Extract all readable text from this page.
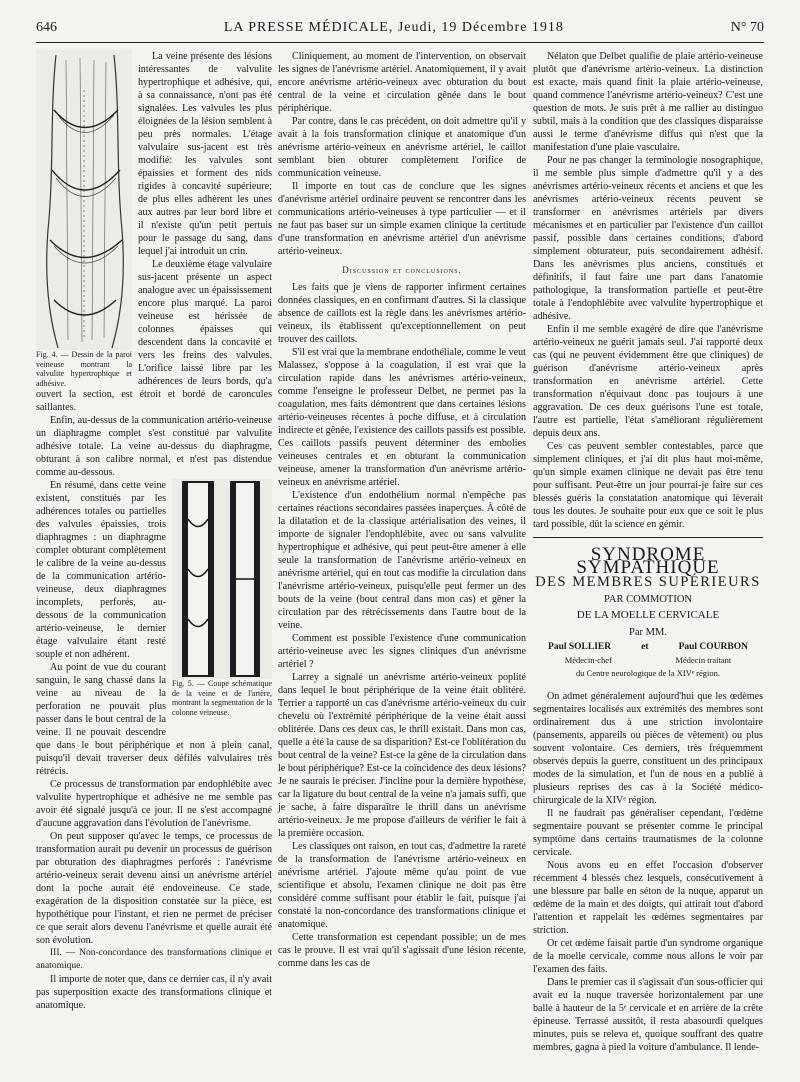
646	LA PRESSE MÉDICALE, Jeudi, 19 Décembre 1918	N° 70
Fig. 4. — Dessin de la paroi veineuse montrant la valvulite hypertrophique et adhésive.

La veine présente des lésions intéressantes de valvulite hypertrophique et adhésive, qui, à sa connaissance, n'ont pas été signalées. Les valvules les plus éloignées de la lésion semblent à peu près normales. L'étage valvulaire sus-jacent est très modifié: les valvules sont épaissies et forment des nids rigides à concavité supérieure; de plus elles adhèrent les unes aux autres par leur bord libre et il n'existe qu'un petit pertuis pour le passage du sang, dans lequel j'ai introduit un crin.

Le deuxième étage valvulaire sus-jacent présente un aspect analogue avec un épaississement encore plus marqué. La paroi veineuse est hérissée de colonnes épaisses qui descendent dans la concavité et vers les freins des valvules. L'orifice laissé libre par les adhérences de leurs bords, qu'a ouvert la section, est étroit et bordé de caroncules saillantes.

Enfin, au-dessus de la communication artério-veineuse un diaphragme complet s'est constitué par valvulite adhésive totale. La veine au-dessus du diaphragme, obturant à son calibre normal, et n'est pas distendue comme au-dessous.

Fig. 5. — Coupe schématique de la veine et de l'artère, montrant la segmentation de la colonne veineuse.

En résumé, dans cette veine existent, constitués par les adhérences totales ou partielles des valvules épaissies, trois diaphragmes : un diaphragme complet obturant complètement le calibre de la veine au-dessus de la communication artério-veineuse, deux diaphragmes incomplets, perforés, au-dessous de la communication artério-veineuse, le dernier étage valvulaire étant resté souple et non adhérent.

Au point de vue du courant sanguin, le sang chassé dans la veine au niveau de la perforation ne pouvait plus passer dans le bout central de la veine. Il ne pouvait descendre que dans le bout périphérique et non à plein canal, puisqu'il devait traverser deux défilés valvulaires très rétrécis.

Ce processus de transformation par endophlébite avec valvulite hypertrophique et adhésive ne me semble pas avoir été signalé jusqu'à ce jour. Il ne s'est accompagné d'aucune aggravation dans l'évolution de l'anévrisme.

On peut supposer qu'avec le temps, ce processus de transformation aurait pu devenir un processus de guérison par obturation des diaphragmes perforés : l'anévrisme artério-veineux serait devenu ainsi un anévrisme artériel dont la poche aurait été endoveineuse. Ce stade, exagération de la disposition constatée sur la pièce, est hypothétique pour l'instant, et rien ne permet de préciser ce que serait alors devenu l'anévrisme et quelle aurait été son évolution.

III. — Non-concordance des transformations clinique et anatomique.

Il importe de noter que, dans ce dernier cas, il n'y avait pas superposition exacte des transformations clinique et anatomique.

Cliniquement, au moment de l'intervention, on observait les signes de l'anévrisme artériel. Anatomiquement, il y avait encore anévrisme artério-veineux avec obturation du bout central de la veine et circulation gênée dans le bout périphérique.

Par contre, dans le cas précédent, on doit admettre qu'il y avait à la fois transformation clinique et anatomique d'un anévrisme artério-veineux en anévrisme artériel, le caillot semblant bien obturer complètement l'orifice de communication veineuse.

Il importe en tout cas de conclure que les signes d'anévrisme artériel ordinaire peuvent se rencontrer dans les communications artério-veineuses à type particulier — et il ne faut pas baser sur un simple examen clinique la certitude d'une transformation en anévrisme artériel d'un anévrisme artério-veineux.

Discussion et conclusions.

Les faits que je viens de rapporter infirment certaines données classiques, en en confirmant d'autres. Si la classique absence de caillots est la règle dans les anévrismes artério-veineux, ils établissent qu'exceptionnellement on peut trouver des caillots.

S'il est vrai que la membrane endothéliale, comme le veut Malassez, s'oppose à la coagulation, il est vrai que la circulation rapide dans les anévrismes artério-veineux, comme l'enseigne le professeur Delbet, ne permet pas la coagulation, mes faits démontrent que dans certaines lésions artério-veineuses récentes à poche diffuse, et à circulation indirecte et gênée, l'existence des caillots passifs est possible. Ces caillots passifs peuvent déterminer des embolies veineuses centrales et en obturant la communication veineuse, amener la transformation d'un anévrisme artério-veineux en anévrisme artériel.

L'existence d'un endothélium normal n'empêche pas certaines réactions secondaires passées inaperçues. À côté de la dilatation et de la classique artérialisation des veines, il importe de signaler l'endophlébite, avec ou sans valvulite hypertrophique et adhésive, qui peut peut-être amener à elle seule la transformation de l'anévrisme artério-veineux en anévrisme artériel, qui en tout cas modifie la circulation dans l'anévrisme artério-veineux, puisqu'elle peut fermer un des bouts de la veine (bout central dans mon cas) et gêner la circulation par des rétrécissements dans l'autre bout de la veine.

Comment est possible l'existence d'une communication artério-veineuse avec les signes cliniques d'un anévrisme artériel ?

Larrey a signalé un anévrisme artério-veineux poplité dans lequel le bout périphérique de la veine était oblitéré. Terrier a rapporté un cas d'anévrisme artério-veineux du cuir chevelu où l'extrémité périphérique de la veine était aussi oblitérée. Dans ces deux cas, le thrill existait. Dans mon cas, quelle a été la cause de sa disparition? Est-ce l'oblitération du bout central de la veine? Est-ce la gêne de la circulation dans le bout périphérique? Est-ce la coïncidence des deux lésions? Je ne saurais le préciser. J'incline pour la dernière hypothèse, car la ligature du bout central de la veine n'a jamais suffi, que je sache, à faire disparaître le thrill dans un anévrisme artério-veineux. Je me propose d'ailleurs de vérifier le fait à la première occasion.

Les classiques ont raison, en tout cas, d'admettre la rareté de la transformation de l'anévrisme artério-veineux en anévrisme artériel. J'ajoute même qu'au point de vue scientifique et absolu, l'examen clinique ne doit pas être considéré comme suffisant pour établir le fait, puisque j'ai constaté la non-concordance des transformations clinique et anatomique.

Cette transformation est cependant possible; un de mes cas le prouve. Il est vrai qu'il s'agissait d'une lésion récente, comme dans les cas de

Nélaton que Delbet qualifie de plaie artério-veineuse plutôt que d'anévrisme artério-veineux. La distinction est exacte, mais quand finit la plaie artério-veineuse, quand commence l'anévrisme artério-veineux? C'est une question de mots. Je suis prêt à me rallier au distinguo subtil, mais à la condition que des classiques disparaisse aussi le terme d'anévrisme diffus qui n'est que la manifestation d'une plaie vasculaire.

Pour ne pas changer la terminologie nosographique, il me semble plus simple d'admettre qu'il y a des anévrismes artério-veineux récents et anciens et que les anévrismes artério-veineux récents peuvent se transformer en anévrismes artériels par divers mécanismes et en particulier par l'existence d'un caillot passif, possible dans certaines conditions, d'abord simplement obturateur, puis secondairement adhésif. Dans les anévrismes plus anciens, constitués et définitifs, il faut faire une part dans l'anatomie pathologique, la transformation partielle et peut-être totale à l'endophlébite avec valvulite hypertrophique et adhésive.

Enfin il me semble exagéré de dire que l'anévrisme artério-veineux ne guérit jamais seul. J'ai rapporté deux cas (qui ne peuvent évidemment être que cliniques) de guérison d'anévrisme artério-veineux après transformation en anévrisme artériel. Cette transformation n'équivaut donc pas toujours à une aggravation. De ces deux guérisons l'une est totale, l'autre est partielle, l'état s'améliorant régulièrement depuis deux ans.

Ces cas peuvent sembler contestables, parce que simplement cliniques, et j'ai dit plus haut moi-même, qu'un simple examen clinique ne devait pas être tenu pour suffisant. Peut-être un jour pourrai-je faire sur ces blessés guéris la constatation anatomique qui lèverait tous les doutes. Je souhaite pour eux que ce soit le plus tard possible, dût la science en gémir.

SYNDROME SYMPATHIQUE
DES MEMBRES SUPÉRIEURS
PAR COMMOTION
DE LA MOELLE CERVICALE
Par MM.
Paul SOLLIER	et	Paul COURBON
Médecin-chef	Médecin traitant
du Centre neurologique de la XIVᵉ région.

On admet généralement aujourd'hui que les œdèmes segmentaires localisés aux extrémités des membres sont ordinairement dus à une striction involontaire (pansements, appareils ou pièces de vêtement) ou plus souvent volontaire. Ces derniers, très fréquemment observés depuis la guerre, constituent un des principaux modes de la simulation, et l'un de nous en a publié à plusieurs reprises des cas à la Société médico-chirurgicale de la XIVᵉ région.

Il ne faudrait pas généraliser cependant, l'œdème segmentaire pouvant se présenter comme le principal symptôme dans certains traumatismes de la colonne cervicale.

Nous avons eu en effet l'occasion d'observer récemment 4 blessés chez lesquels, consécutivement à une blessure par balle en séton de la nuque, apparut un œdème de la main et des doigts, qui attirait tout d'abord l'attention et rappelait les œdèmes segmentaires par striction.

Or cet œdème faisait partie d'un syndrome organique de la moelle cervicale, comme nous allons le voir par l'examen des faits.

Dans le premier cas il s'agissait d'un sous-officier qui avait eu la nuque traversée horizontalement par une balle à hauteur de la 5ᵉ cervicale et en arrière de la crête épineuse. Terrassé aussitôt, il resta abasourdi quelques minutes, puis se releva et, quoique souffrant des quatre membres, gagna à pied la voiture d'ambulance. Il lende-
